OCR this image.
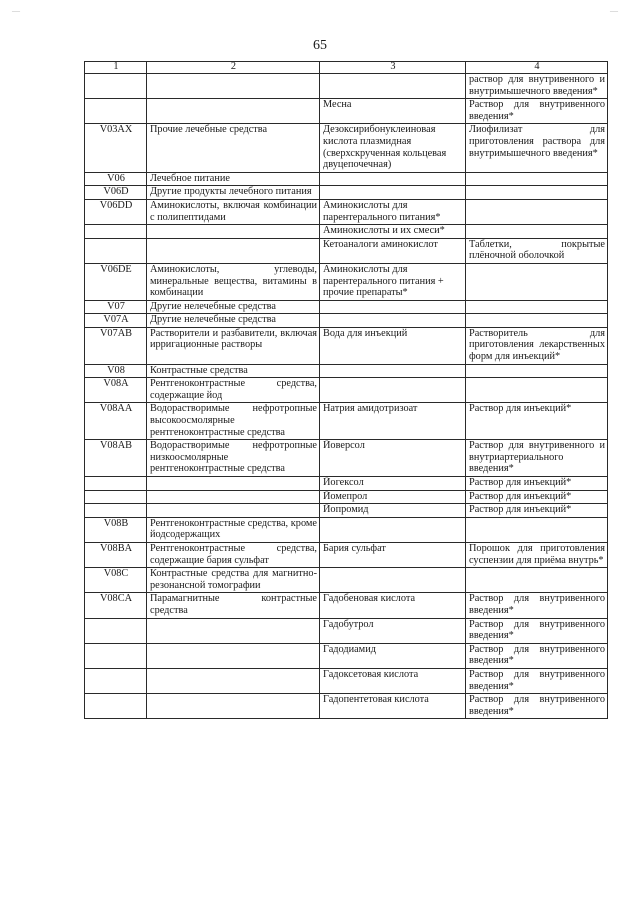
—	—
65
1	2	3	4
			раствор для внутривенного и внутримышечного введения*
		Месна	Раствор для внутривенного введения*
V03AX	Прочие лечебные средства	Дезоксирибонуклеиновая кислота плазмидная (сверхскрученная кольцевая двуцепочечная)	Лиофилизат для приготовления раствора для внутримышечного введения*
V06	Лечебное питание		
V06D	Другие продукты лечебного питания		
V06DD	Аминокислоты, включая комбинации с полипептидами	Аминокислоты для парентерального питания*	
		Аминокислоты и их смеси*	
		Кетоаналоги аминокислот	Таблетки, покрытые плёночной оболочкой
V06DE	Аминокислоты, углеводы, минеральные вещества, витамины в комбинации	Аминокислоты для парентерального питания + прочие препараты*	
V07	Другие нелечебные средства		
V07A	Другие нелечебные средства		
V07AB	Растворители и разбавители, включая ирригационные растворы	Вода для инъекций	Растворитель для приготовления лекарственных форм для инъекций*
V08	Контрастные средства		
V08A	Рентгеноконтрастные средства, содержащие йод		
V08AA	Водорастворимые нефротропные высокоосмолярные рентгеноконтрастные средства	Натрия амидотризоат	Раствор для инъекций*
V08AB	Водорастворимые нефротропные низкоосмолярные рентгеноконтрастные средства	Йоверсол	Раствор для внутривенного и внутриартериального введения*
		Йогексол	Раствор для инъекций*
		Йомепрол	Раствор для инъекций*
		Йопромид	Раствор для инъекций*
V08B	Рентгеноконтрастные средства, кроме йодсодержащих		
V08BA	Рентгеноконтрастные средства, содержащие бария сульфат	Бария сульфат	Порошок для приготовления суспензии для приёма внутрь*
V08C	Контрастные средства для магнитно-резонансной томографии		
V08CA	Парамагнитные контрастные средства	Гадобеновая кислота	Раствор для внутривенного введения*
		Гадобутрол	Раствор для внутривенного введения*
		Гадодиамид	Раствор для внутривенного введения*
		Гадоксетовая кислота	Раствор для внутривенного введения*
		Гадопентетовая кислота	Раствор для внутривенного введения*
